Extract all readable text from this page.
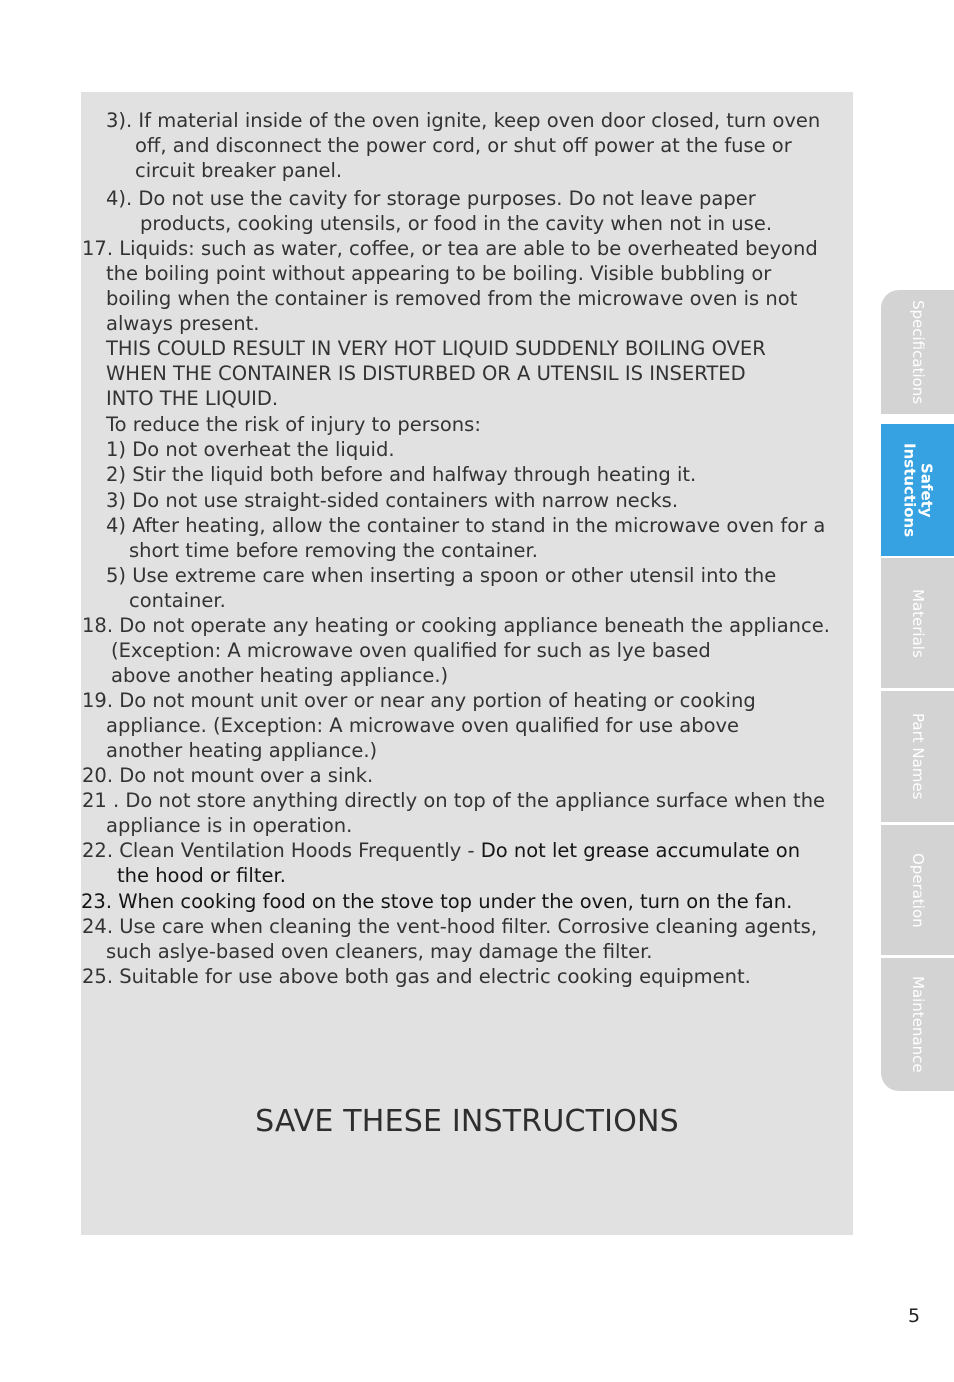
3). If material inside of the oven ignite, keep oven door closed, turn oven
off, and disconnect the power cord, or shut off power at the fuse or
circuit breaker panel.
4). Do not use the cavity for storage purposes. Do not leave paper
products, cooking utensils, or food in the cavity when not in use.
17. Liquids: such as water, coffee, or tea are able to be overheated beyond
the boiling point without appearing to be boiling. Visible bubbling or
boiling when the container is removed from the microwave oven is not
always present.
THIS COULD RESULT IN VERY HOT LIQUID SUDDENLY BOILING OVER
WHEN THE CONTAINER IS DISTURBED OR A UTENSIL IS INSERTED
INTO THE LIQUID.
To reduce the risk of injury to persons:
1) Do not overheat the liquid.
2) Stir the liquid both before and halfway through heating it.
3) Do not use straight-sided containers with narrow necks.
4) After heating, allow the container to stand in the microwave oven for a
short time before removing the container.
5) Use extreme care when inserting a spoon or other utensil into the
container.
18. Do not operate any heating or cooking appliance beneath the appliance.
(Exception: A microwave oven qualified for such as lye based
above another heating appliance.)
19. Do not mount unit over or near any portion of heating or cooking
appliance. (Exception: A microwave oven qualified for use above
another heating appliance.)
20. Do not mount over a sink.
21 . Do not store anything directly on top of the appliance surface when the
appliance is in operation.
22. Clean Ventilation Hoods Frequently - Do not let grease accumulate on
the hood or filter.
23. When cooking food on the stove top under the oven, turn on the fan.
24. Use care when cleaning the vent-hood filter. Corrosive cleaning agents,
such aslye-based oven cleaners, may damage the filter.
25. Suitable for use above both gas and electric cooking equipment.
SAVE THESE INSTRUCTIONS
Specifications
Safety
Instuctions
Materials
Part Names
Operation
Maintenance
5
